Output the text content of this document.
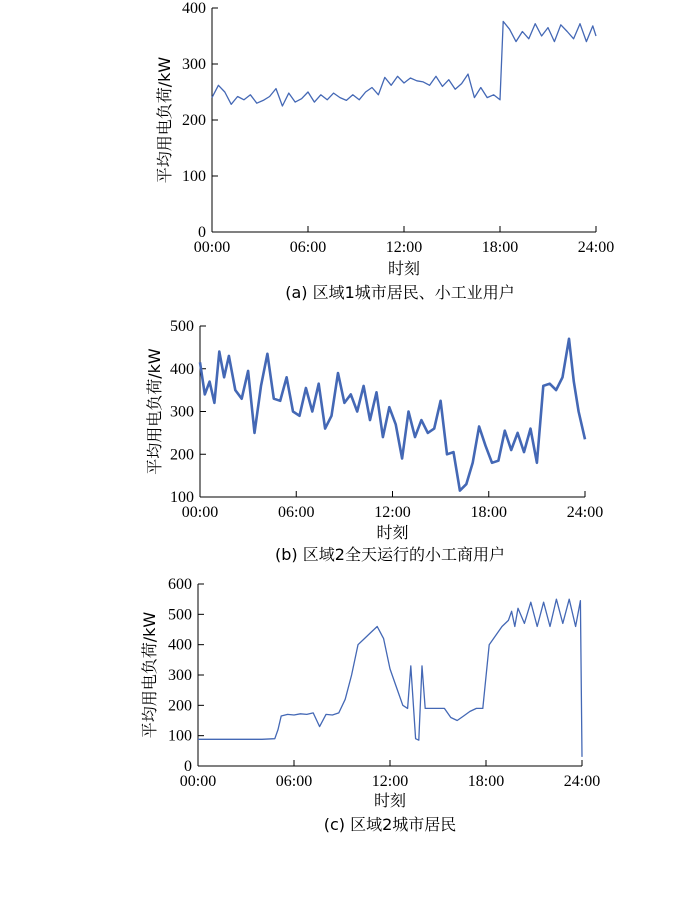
0
100
200
300
400
00:00	06:00	12:00	18:00	24:00
时刻
平均用电负荷/kW
(a) 区域1城市居民、小工业用户
100
200
300
400
500
00:00	06:00	12:00	18:00	24:00
时刻
平均用电负荷/kW
(b) 区域2全天运行的小工商用户
0
100
200
300
400
500
600
00:00	06:00	12:00	18:00	24:00
时刻
平均用电负荷/kW
(c) 区域2城市居民
